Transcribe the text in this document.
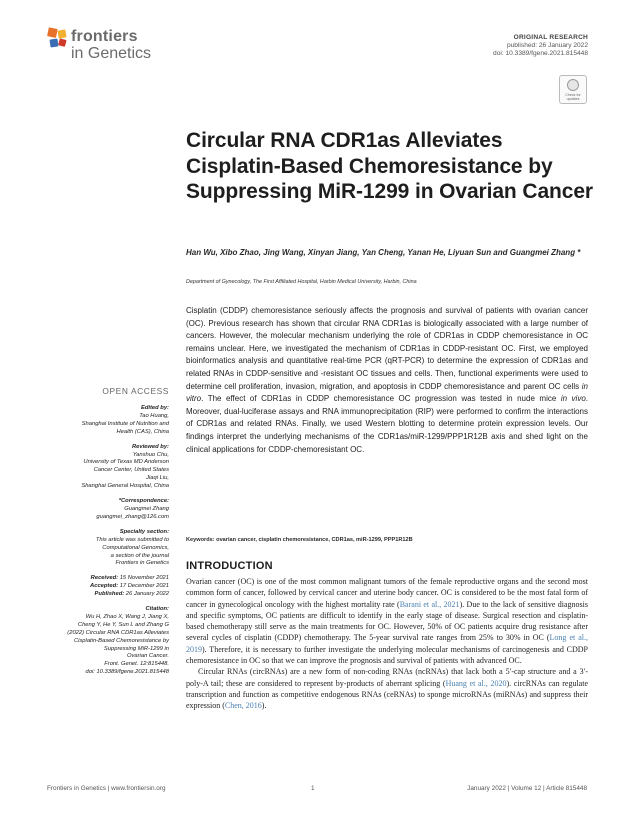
frontiers
in Genetics
ORIGINAL RESEARCH
published: 26 January 2022
doi: 10.3389/fgene.2021.815448
Check for updates
Circular RNA CDR1as Alleviates Cisplatin-Based Chemoresistance by Suppressing MiR-1299 in Ovarian Cancer
Han Wu, Xibo Zhao, Jing Wang, Xinyan Jiang, Yan Cheng, Yanan He, Liyuan Sun and Guangmei Zhang *
Department of Gynecology, The First Affiliated Hospital, Harbin Medical University, Harbin, China

Cisplatin (CDDP) chemoresistance seriously affects the prognosis and survival of patients with ovarian cancer (OC). Previous research has shown that circular RNA CDR1as is biologically associated with a large number of cancers. However, the molecular mechanism underlying the role of CDR1as in CDDP chemoresistance in OC remains unclear. Here, we investigated the mechanism of CDR1as in CDDP-resistant OC. First, we employed bioinformatics analysis and quantitative real-time PCR (qRT-PCR) to determine the expression of CDR1as and related RNAs in CDDP-sensitive and -resistant OC tissues and cells. Then, functional experiments were used to determine cell proliferation, invasion, migration, and apoptosis in CDDP chemoresistance and parent OC cells in vitro. The effect of CDR1as in CDDP chemoresistance OC progression was tested in nude mice in vivo. Moreover, dual-luciferase assays and RNA immunoprecipitation (RIP) were performed to confirm the interactions of CDR1as and related RNAs. Finally, we used Western blotting to determine protein expression levels. Our findings interpret the underlying mechanisms of the CDR1as/miR-1299/PPP1R12B axis and shed light on the clinical applications for CDDP-chemoresistant OC.

Keywords: ovarian cancer, cisplatin chemoresistance, CDR1as, miR-1299, PPP1R12B
INTRODUCTION

Ovarian cancer (OC) is one of the most common malignant tumors of the female reproductive organs and the second most common form of cancer, followed by cervical cancer and uterine body cancer. OC is considered to be the most fatal form of cancer in gynecological oncology with the highest mortality rate (Barani et al., 2021). Due to the lack of sensitive diagnosis and specific symptoms, OC patients are difficult to identify in the early stage of disease. Surgical resection and cisplatin-based chemotherapy still serve as the main treatments for OC. However, 50% of OC patients acquire drug resistance after several cycles of cisplatin (CDDP) chemotherapy. The 5-year survival rate ranges from 25% to 30% in OC (Long et al., 2019). Therefore, it is necessary to further investigate the underlying molecular mechanisms of carcinogenesis and CDDP chemoresistance in OC so that we can improve the prognosis and survival of patients with advanced OC.

Circular RNAs (circRNAs) are a new form of non-coding RNAs (ncRNAs) that lack both a 5′-cap structure and a 3′-poly-A tail; these are considered to represent by-products of aberrant splicing (Huang et al., 2020). circRNAs can regulate transcription and function as competitive endogenous RNAs (ceRNAs) to sponge microRNAs (miRNAs) and suppress their expression (Chen, 2016).

OPEN ACCESS
Edited by:
Tao Huang,
Shanghai Institute of Nutrition and
Health (CAS), China
Reviewed by:
Yanshuo Chu,
University of Texas MD Anderson
Cancer Center, United States
Jiaqi Liu,
Shanghai General Hospital, China
*Correspondence:
Guangmei Zhang
guangmei_zhang@126.com
Specialty section:
This article was submitted to
Computational Genomics,
a section of the journal
Frontiers in Genetics
Received: 15 November 2021
Accepted: 17 December 2021
Published: 26 January 2022
Citation:
Wu H, Zhao X, Wang J, Jiang X,
Cheng Y, He Y, Sun L and Zhang G
(2022) Circular RNA CDR1as Alleviates
Cisplatin-Based Chemoresistance by
Suppressing MiR-1299 in
Ovarian Cancer.
Front. Genet. 12:815448.
doi: 10.3389/fgene.2021.815448
Frontiers in Genetics | www.frontiersin.org	1	January 2022 | Volume 12 | Article 815448
